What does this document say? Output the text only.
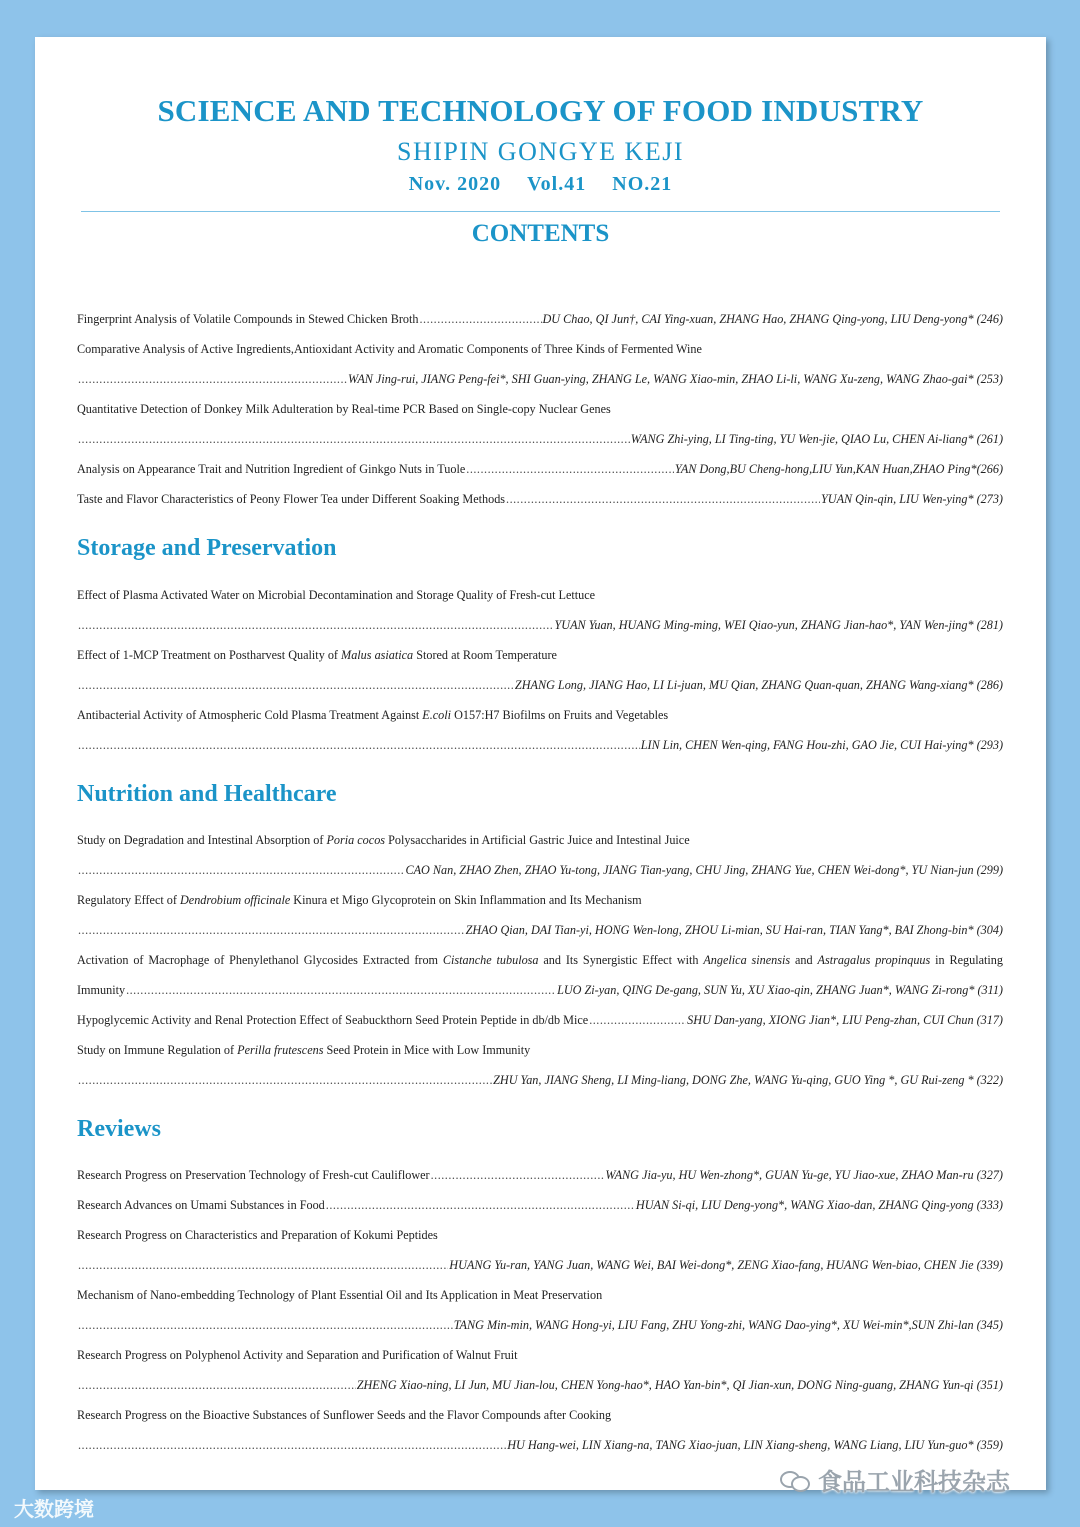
SCIENCE AND TECHNOLOGY OF FOOD INDUSTRY
SHIPIN GONGYE KEJI
Nov. 2020 Vol.41 NO.21
CONTENTS
Fingerprint Analysis of Volatile Compounds in Stewed Chicken Broth .....	DU Chao, QI Jun†, CAI Ying-xuan, ZHANG Hao, ZHANG Qing-yong, LIU Deng-yong* (246)
Comparative Analysis of Active Ingredients,Antioxidant Activity and Aromatic Components of Three Kinds of Fermented Wine
.....
WAN Jing-rui, JIANG Peng-fei*, SHI Guan-ying, ZHANG Le, WANG Xiao-min, ZHAO Li-li, WANG Xu-zeng, WANG Zhao-gai* (253)
Quantitative Detection of Donkey Milk Adulteration by Real-time PCR Based on Single-copy Nuclear Genes
.....
WANG Zhi-ying, LI Ting-ting, YU Wen-jie, QIAO Lu, CHEN Ai-liang* (261)
Analysis on Appearance Trait and Nutrition Ingredient of Ginkgo Nuts in Tuole .....	YAN Dong,BU Cheng-hong,LIU Yun,KAN Huan,ZHAO Ping*(266)
Taste and Flavor Characteristics of Peony Flower Tea under Different Soaking Methods .....	YUAN Qin-qin, LIU Wen-ying* (273)
Storage and Preservation
Effect of Plasma Activated Water on Microbial Decontamination and Storage Quality of Fresh-cut Lettuce
.....
YUAN Yuan, HUANG Ming-ming, WEI Qiao-yun, ZHANG Jian-hao*, YAN Wen-jing* (281)
Effect of 1-MCP Treatment on Postharvest Quality of Malus asiatica Stored at Room Temperature
.....
ZHANG Long, JIANG Hao, LI Li-juan, MU Qian, ZHANG Quan-quan, ZHANG Wang-xiang* (286)
Antibacterial Activity of Atmospheric Cold Plasma Treatment Against E.coli O157:H7 Biofilms on Fruits and Vegetables
.....
LIN Lin, CHEN Wen-qing, FANG Hou-zhi, GAO Jie, CUI Hai-ying* (293)
Nutrition and Healthcare
Study on Degradation and Intestinal Absorption of Poria cocos Polysaccharides in Artificial Gastric Juice and Intestinal Juice
.....
CAO Nan, ZHAO Zhen, ZHAO Yu-tong, JIANG Tian-yang, CHU Jing, ZHANG Yue, CHEN Wei-dong*, YU Nian-jun (299)
Regulatory Effect of Dendrobium officinale Kinura et Migo Glycoprotein on Skin Inflammation and Its Mechanism
.....
ZHAO Qian, DAI Tian-yi, HONG Wen-long, ZHOU Li-mian, SU Hai-ran, TIAN Yang*, BAI Zhong-bin* (304)
Activation of Macrophage of Phenylethanol Glycosides Extracted from Cistanche tubulosa and Its Synergistic Effect with Angelica sinensis and Astragalus propinquus in Regulating
Immunity .....	LUO Zi-yan, QING De-gang, SUN Yu, XU Xiao-qin, ZHANG Juan*, WANG Zi-rong* (311)
Hypoglycemic Activity and Renal Protection Effect of Seabuckthorn Seed Protein Peptide in db/db Mice .....	SHU Dan-yang, XIONG Jian*, LIU Peng-zhan, CUI Chun (317)
Study on Immune Regulation of Perilla frutescens Seed Protein in Mice with Low Immunity
.....
ZHU Yan, JIANG Sheng, LI Ming-liang, DONG Zhe, WANG Yu-qing, GUO Ying *, GU Rui-zeng * (322)
Reviews
Research Progress on Preservation Technology of Fresh-cut Cauliflower .....	WANG Jia-yu, HU Wen-zhong*, GUAN Yu-ge, YU Jiao-xue, ZHAO Man-ru (327)
Research Advances on Umami Substances in Food .....	HUAN Si-qi, LIU Deng-yong*, WANG Xiao-dan, ZHANG Qing-yong (333)
Research Progress on Characteristics and Preparation of Kokumi Peptides
.....
HUANG Yu-ran, YANG Juan, WANG Wei, BAI Wei-dong*, ZENG Xiao-fang, HUANG Wen-biao, CHEN Jie (339)
Mechanism of Nano-embedding Technology of Plant Essential Oil and Its Application in Meat Preservation
.....
TANG Min-min, WANG Hong-yi, LIU Fang, ZHU Yong-zhi, WANG Dao-ying*, XU Wei-min*,SUN Zhi-lan (345)
Research Progress on Polyphenol Activity and Separation and Purification of Walnut Fruit
.....
ZHENG Xiao-ning, LI Jun, MU Jian-lou, CHEN Yong-hao*, HAO Yan-bin*, QI Jian-xun, DONG Ning-guang, ZHANG Yun-qi (351)
Research Progress on the Bioactive Substances of Sunflower Seeds and the Flavor Compounds after Cooking
.....
HU Hang-wei, LIN Xiang-na, TANG Xiao-juan, LIN Xiang-sheng, WANG Liang, LIU Yun-guo* (359)
大数跨境
食品工业科技杂志
